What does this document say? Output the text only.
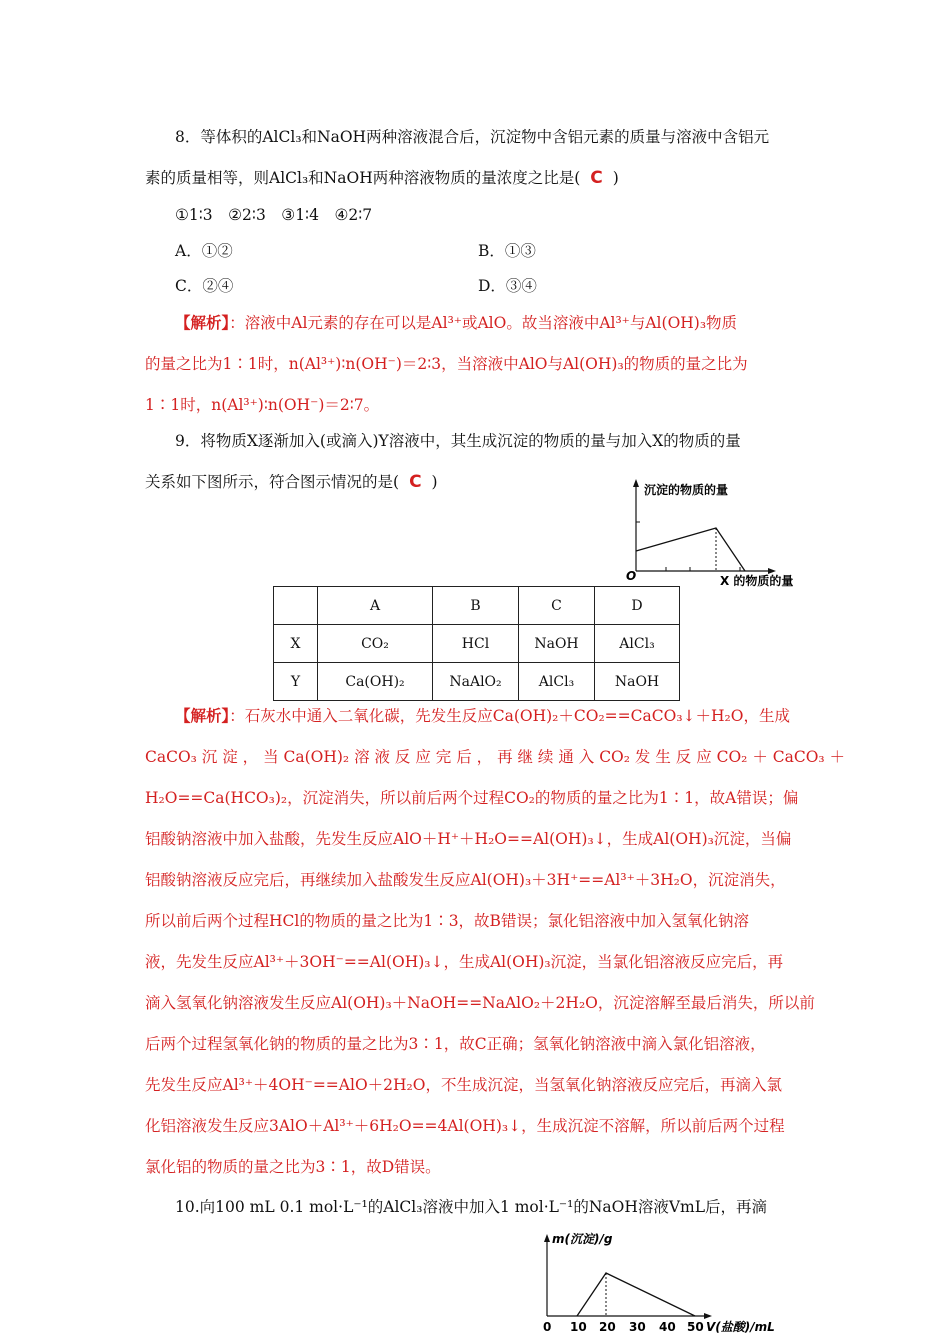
8．等体积的AlCl₃和NaOH两种溶液混合后，沉淀物中含铝元素的质量与溶液中含铝元
素的质量相等，则AlCl₃和NaOH两种溶液物质的量浓度之比是( C )
①1∶3　②2∶3　③1∶4　④2∶7
A．①②	B．①③
C．②④	D．③④
【解析】：溶液中Al元素的存在可以是Al³⁺或AlO。故当溶液中Al³⁺与Al(OH)₃物质
的量之比为1∶1时，n(Al³⁺)∶n(OH⁻)＝2∶3，当溶液中AlO与Al(OH)₃的物质的量之比为
1∶1时，n(Al³⁺)∶n(OH⁻)＝2∶7。
9．将物质X逐渐加入(或滴入)Y溶液中，其生成沉淀的物质的量与加入X的物质的量
关系如下图所示，符合图示情况的是( C )	沉淀的物质的量
O	X 的物质的量
	A	B	C	D
X	CO₂	HCl	NaOH	AlCl₃
Y	Ca(OH)₂	NaAlO₂	AlCl₃	NaOH
【解析】：石灰水中通入二氧化碳，先发生反应Ca(OH)₂＋CO₂==CaCO₃↓＋H₂O，生成
CaCO₃ 沉 淀 ， 当 Ca(OH)₂ 溶 液 反 应 完 后 ， 再 继 续 通 入 CO₂ 发 生 反 应 CO₂ ＋ CaCO₃ ＋
H₂O==Ca(HCO₃)₂，沉淀消失，所以前后两个过程CO₂的物质的量之比为1∶1，故A错误；偏
铝酸钠溶液中加入盐酸，先发生反应AlO＋H⁺＋H₂O==Al(OH)₃↓，生成Al(OH)₃沉淀，当偏
铝酸钠溶液反应完后，再继续加入盐酸发生反应Al(OH)₃＋3H⁺==Al³⁺＋3H₂O，沉淀消失，
所以前后两个过程HCl的物质的量之比为1∶3，故B错误；氯化铝溶液中加入氢氧化钠溶
液，先发生反应Al³⁺＋3OH⁻==Al(OH)₃↓，生成Al(OH)₃沉淀，当氯化铝溶液反应完后，再
滴入氢氧化钠溶液发生反应Al(OH)₃＋NaOH==NaAlO₂＋2H₂O，沉淀溶解至最后消失，所以前
后两个过程氢氧化钠的物质的量之比为3∶1，故C正确；氢氧化钠溶液中滴入氯化铝溶液，
先发生反应Al³⁺＋4OH⁻==AlO＋2H₂O，不生成沉淀，当氢氧化钠溶液反应完后，再滴入氯
化铝溶液发生反应3AlO＋Al³⁺＋6H₂O==4Al(OH)₃↓，生成沉淀不溶解，所以前后两个过程
氯化铝的物质的量之比为3∶1，故D错误。
10.向100 mL 0.1 mol·L⁻¹的AlCl₃溶液中加入1 mol·L⁻¹的NaOH溶液VmL后，再滴
m(沉淀)/g
0 10 20 30 40 50 V(盐酸)/mL
